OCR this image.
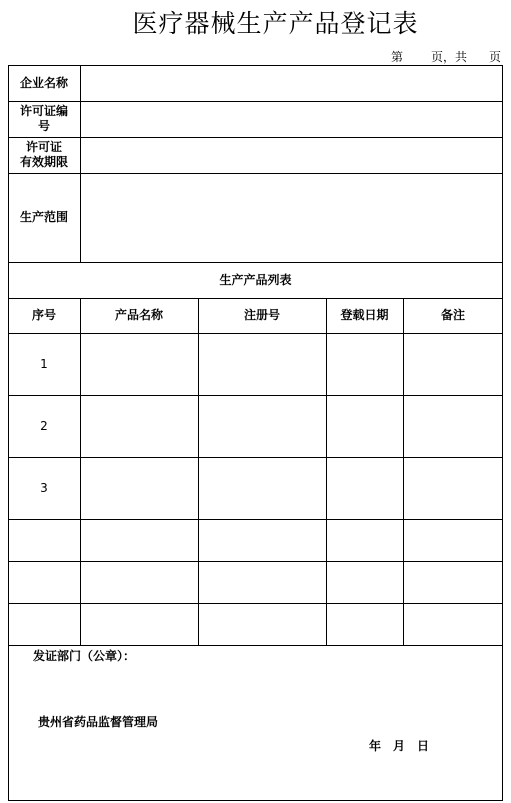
医疗器械生产产品登记表
第 页，共 页
企业名称
许可证编
号
许可证
有效期限
生产范围
生产产品列表
序号	产品名称	注册号	登载日期	备注
1
2
3
发证部门（公章）：
贵州省药品监督管理局
年　月　日
